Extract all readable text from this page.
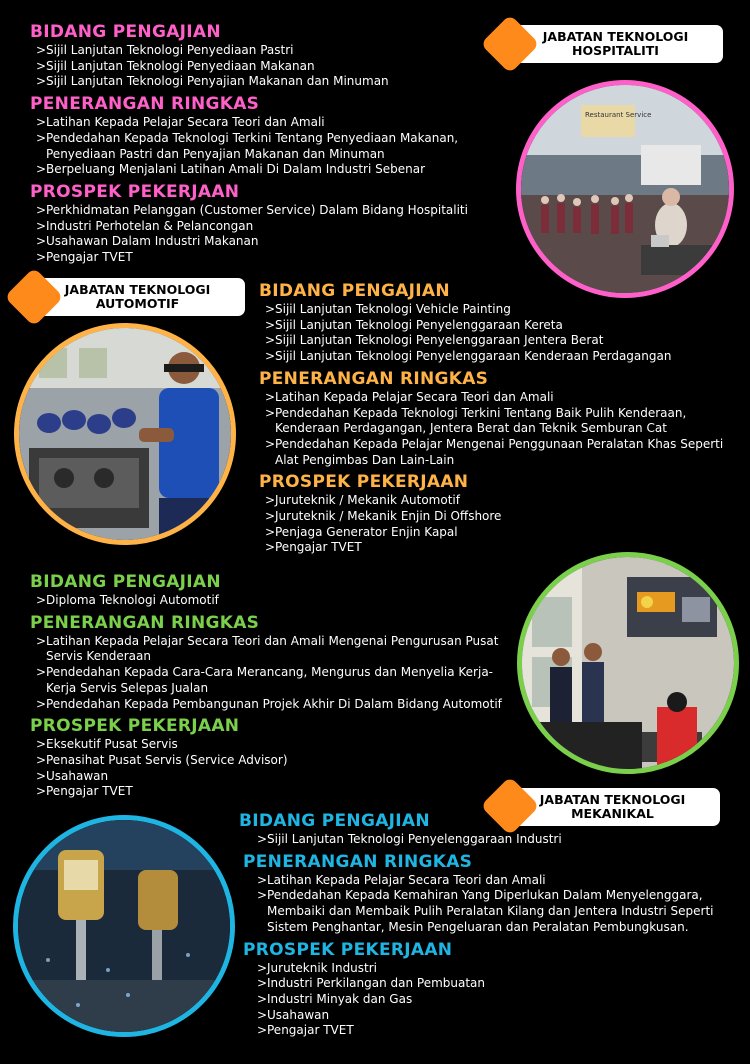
BIDANG PENGAJIAN
> Sijil Lanjutan Teknologi Penyediaan Pastri
> Sijil Lanjutan Teknologi Penyediaan Makanan
> Sijil Lanjutan Teknologi Penyajian Makanan dan Minuman
PENERANGAN RINGKAS
> Latihan Kepada Pelajar Secara Teori dan Amali
> Pendedahan Kepada Teknologi Terkini Tentang Penyediaan Makanan, Penyediaan Pastri dan Penyajian Makanan dan Minuman
> Berpeluang Menjalani Latihan Amali Di Dalam Industri Sebenar
PROSPEK PEKERJAAN
> Perkhidmatan Pelanggan (Customer Service) Dalam Bidang Hospitaliti
> Industri Perhotelan & Pelancongan
> Usahawan Dalam Industri Makanan
> Pengajar TVET
JABATAN TEKNOLOGI
HOSPITALITI
Restaurant Service
JABATAN TEKNOLOGI
AUTOMOTIF
BIDANG PENGAJIAN
> Sijil Lanjutan Teknologi Vehicle Painting
> Sijil Lanjutan Teknologi Penyelenggaraan Kereta
> Sijil Lanjutan Teknologi Penyelenggaraan Jentera Berat
> Sijil Lanjutan Teknologi Penyelenggaraan Kenderaan Perdagangan
PENERANGAN RINGKAS
> Latihan Kepada Pelajar Secara Teori dan Amali
> Pendedahan Kepada Teknologi Terkini Tentang Baik Pulih Kenderaan, Kenderaan Perdagangan, Jentera Berat dan Teknik Semburan Cat
> Pendedahan Kepada Pelajar Mengenai Penggunaan Peralatan Khas Seperti Alat Pengimbas Dan Lain-Lain
PROSPEK PEKERJAAN
> Juruteknik / Mekanik Automotif
> Juruteknik / Mekanik Enjin Di Offshore
> Penjaga Generator Enjin Kapal
> Pengajar TVET
BIDANG PENGAJIAN
> Diploma Teknologi Automotif
PENERANGAN RINGKAS
> Latihan Kepada Pelajar Secara Teori dan Amali Mengenai Pengurusan Pusat Servis Kenderaan
> Pendedahan Kepada Cara-Cara Merancang, Mengurus dan Menyelia Kerja-Kerja Servis Selepas Jualan
> Pendedahan Kepada Pembangunan Projek Akhir Di Dalam Bidang Automotif
PROSPEK PEKERJAAN
> Eksekutif Pusat Servis
> Penasihat Pusat Servis (Service Advisor)
> Usahawan
> Pengajar TVET
JABATAN TEKNOLOGI
MEKANIKAL
BIDANG PENGAJIAN
> Sijil Lanjutan Teknologi Penyelenggaraan Industri
PENERANGAN RINGKAS
> Latihan Kepada Pelajar Secara Teori dan Amali
> Pendedahan Kepada Kemahiran Yang Diperlukan Dalam Menyelenggara, Membaiki dan Membaik Pulih Peralatan Kilang dan Jentera Industri Seperti Sistem Penghantar, Mesin Pengeluaran dan Peralatan Pembungkusan.
PROSPEK PEKERJAAN
> Juruteknik Industri
> Industri Perkilangan dan Pembuatan
> Industri Minyak dan Gas
> Usahawan
> Pengajar TVET
